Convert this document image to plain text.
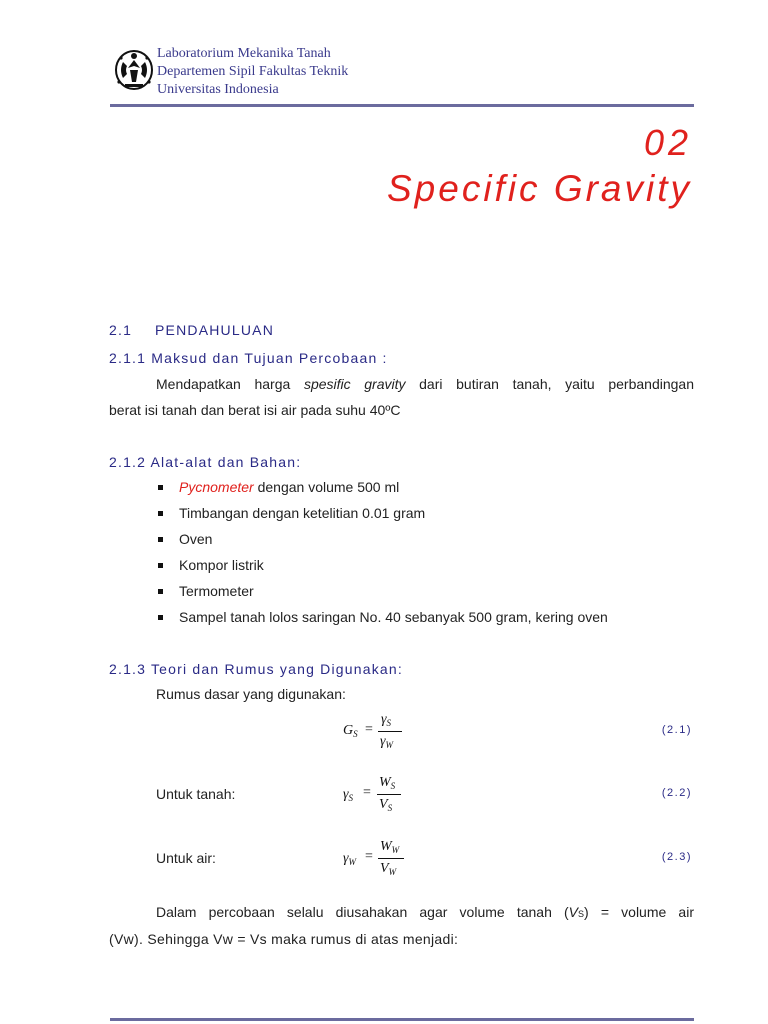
Laboratorium Mekanika Tanah
Departemen Sipil Fakultas Teknik
Universitas Indonesia
02
Specific Gravity
2.1 PENDAHULUAN
2.1.1 Maksud dan Tujuan Percobaan :
Mendapatkan harga spesific gravity dari butiran tanah, yaitu perbandingan
berat isi tanah dan berat isi air pada suhu 40ºC
2.1.2 Alat-alat dan Bahan:
Pycnometer dengan volume 500 ml
Timbangan dengan ketelitian 0.01 gram
Oven
Kompor listrik
Termometer
Sampel tanah lolos saringan No. 40 sebanyak 500 gram, kering oven
2.1.3 Teori dan Rumus yang Digunakan:
Rumus dasar yang digunakan:
$G_S$ =
$\gamma_S$
$\gamma_W$
(2.1)
Untuk tanah:	$\gamma_S$ =
$W_S$
$V_S$
(2.2)
Untuk air:	$\gamma_W$ =
$W_W$
$V_W$
(2.3)
Dalam percobaan selalu diusahakan agar volume tanah (VS) = volume air
(Vw). Sehingga Vw = Vs maka rumus di atas menjadi:
